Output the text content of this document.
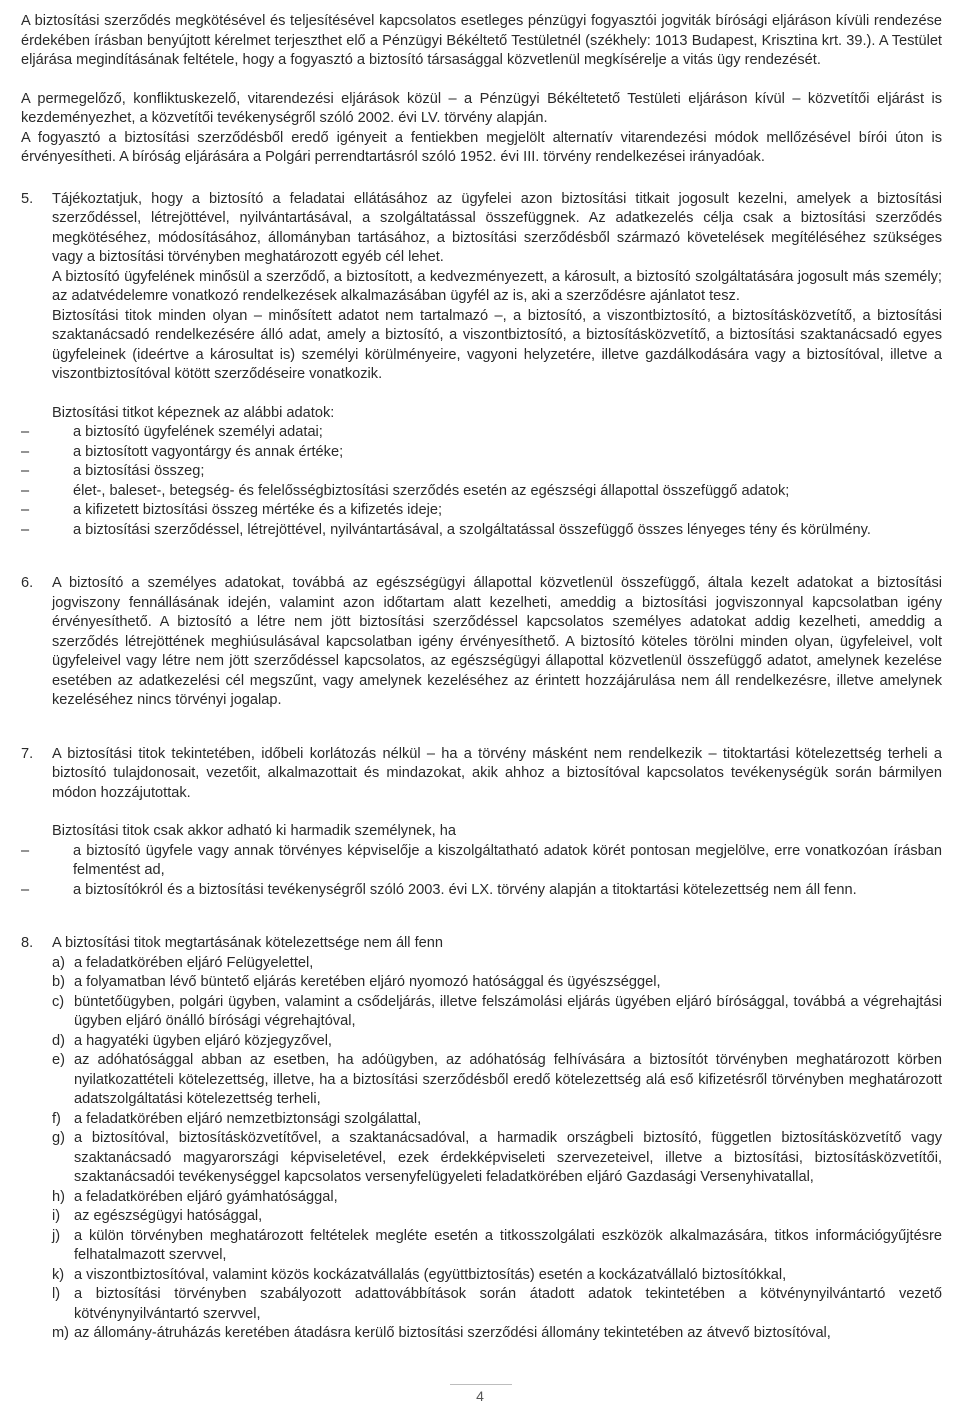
A biztosítási szerződés megkötésével és teljesítésével kapcsolatos esetleges pénzügyi fogyasztói jogviták bírósági eljáráson kívüli rendezése érdekében írásban benyújtott kérelmet terjeszthet elő a Pénzügyi Békéltető Testületnél (székhely: 1013 Budapest, Krisztina krt. 39.). A Testület eljárása megindításának feltétele, hogy a fogyasztó a biztosító társasággal közvetlenül megkísérelje a vitás ügy rendezését.

A permegelőző, konfliktuskezelő, vitarendezési eljárások közül – a Pénzügyi Békéltetető Testületi eljáráson kívül – közvetítői eljárást is kezdeményezhet, a közvetítői tevékenységről szóló 2002. évi LV. törvény alapján.

A fogyasztó a biztosítási szerződésből eredő igényeit a fentiekben megjelölt alternatív vitarendezési módok mellőzésével bírói úton is érvényesítheti. A bíróság eljárására a Polgári perrendtartásról szóló 1952. évi III. törvény rendelkezései irányadóak.

5. Tájékoztatjuk, hogy a biztosító a feladatai ellátásához az ügyfelei azon biztosítási titkait jogosult kezelni, amelyek a biztosítási szerződéssel, létrejöttével, nyilvántartásával, a szolgáltatással összefüggnek. Az adatkezelés célja csak a biztosítási szerződés megkötéséhez, módosításához, állományban tartásához, a biztosítási szerződésből származó követelések megítéléséhez szükséges vagy a biztosítási törvényben meghatározott egyéb cél lehet.

A biztosító ügyfelének minősül a szerződő, a biztosított, a kedvezményezett, a károsult, a biztosító szolgáltatására jogosult más személy; az adatvédelemre vonatkozó rendelkezések alkalmazásában ügyfél az is, aki a szerződésre ajánlatot tesz.

Biztosítási titok minden olyan – minősített adatot nem tartalmazó –, a biztosító, a viszontbiztosító, a biztosításközvetítő, a biztosítási szaktanácsadó rendelkezésére álló adat, amely a biztosító, a viszontbiztosító, a biztosításközvetítő, a biztosítási szaktanácsadó egyes ügyfeleinek (ideértve a károsultat is) személyi körülményeire, vagyoni helyzetére, illetve gazdálkodására vagy a biztosítóval, illetve a viszontbiztosítóval kötött szerződéseire vonatkozik.

Biztosítási titkot képeznek az alábbi adatok:

–	a biztosító ügyfelének személyi adatai;
–	a biztosított vagyontárgy és annak értéke;
–	a biztosítási összeg;
–	élet-, baleset-, betegség- és felelősségbiztosítási szerződés esetén az egészségi állapottal összefüggő adatok;
–	a kifizetett biztosítási összeg mértéke és a kifizetés ideje;
–	a biztosítási szerződéssel, létrejöttével, nyilvántartásával, a szolgáltatással összefüggő összes lényeges tény és körülmény.
6. A biztosító a személyes adatokat, továbbá az egészségügyi állapottal közvetlenül összefüggő, általa kezelt adatokat a biztosítási jogviszony fennállásának idején, valamint azon időtartam alatt kezelheti, ameddig a biztosítási jogviszonnyal kapcsolatban igény érvényesíthető. A biztosító a létre nem jött biztosítási szerződéssel kapcsolatos személyes adatokat addig kezelheti, ameddig a szerződés létrejöttének meghiúsulásával kapcsolatban igény érvényesíthető. A biztosító köteles törölni minden olyan, ügyfeleivel, volt ügyfeleivel vagy létre nem jött szerződéssel kapcsolatos, az egészségügyi állapottal közvetlenül összefüggő adatot, amelynek kezelése esetében az adatkezelési cél megszűnt, vagy amelynek kezeléséhez az érintett hozzájárulása nem áll rendelkezésre, illetve amelynek kezeléséhez nincs törvényi jogalap.

7. A biztosítási titok tekintetében, időbeli korlátozás nélkül – ha a törvény másként nem rendelkezik – titoktartási kötelezettség terheli a biztosító tulajdonosait, vezetőit, alkalmazottait és mindazokat, akik ahhoz a biztosítóval kapcsolatos tevékenységük során bármilyen módon hozzájutottak.

Biztosítási titok csak akkor adható ki harmadik személynek, ha

–	a biztosító ügyfele vagy annak törvényes képviselője a kiszolgáltatható adatok körét pontosan megjelölve, erre vonatkozóan írásban felmentést ad,
–	a biztosítókról és a biztosítási tevékenységről szóló 2003. évi LX. törvény alapján a titoktartási kötelezettség nem áll fenn.
8. A biztosítási titok megtartásának kötelezettsége nem áll fenn

a) a feladatkörében eljáró Felügyelettel,
b) a folyamatban lévő büntető eljárás keretében eljáró nyomozó hatósággal és ügyészséggel,
c) büntetőügyben, polgári ügyben, valamint a csődeljárás, illetve felszámolási eljárás ügyében eljáró bírósággal, továbbá a végrehajtási ügyben eljáró önálló bírósági végrehajtóval,
d) a hagyatéki ügyben eljáró közjegyzővel,
e) az adóhatósággal abban az esetben, ha adóügyben, az adóhatóság felhívására a biztosítót törvényben meghatározott körben nyilatkozattételi kötelezettség, illetve, ha a biztosítási szerződésből eredő kötelezettség alá eső kifizetésről törvényben meghatározott adatszolgáltatási kötelezettség terheli,
f) a feladatkörében eljáró nemzetbiztonsági szolgálattal,
g) a biztosítóval, biztosításközvetítővel, a szaktanácsadóval, a harmadik országbeli biztosító, független biztosításközvetítő vagy szaktanácsadó magyarországi képviseletével, ezek érdekképviseleti szervezeteivel, illetve a biztosítási, biztosításközvetítői, szaktanácsadói tevékenységgel kapcsolatos versenyfelügyeleti feladatkörében eljáró Gazdasági Versenyhivatallal,
h) a feladatkörében eljáró gyámhatósággal,
i) az egészségügyi hatósággal,
j) a külön törvényben meghatározott feltételek megléte esetén a titkosszolgálati eszközök alkalmazására, titkos információgyűjtésre felhatalmazott szervvel,
k) a viszontbiztosítóval, valamint közös kockázatvállalás (együttbiztosítás) esetén a kockázatvállaló biztosítókkal,
l) a biztosítási törvényben szabályozott adattovábbítások során átadott adatok tekintetében a kötvénynyilvántartó vezető kötvénynyilvántartó szervvel,
m) az állomány-átruházás keretében átadásra kerülő biztosítási szerződési állomány tekintetében az átvevő biztosítóval,
4
